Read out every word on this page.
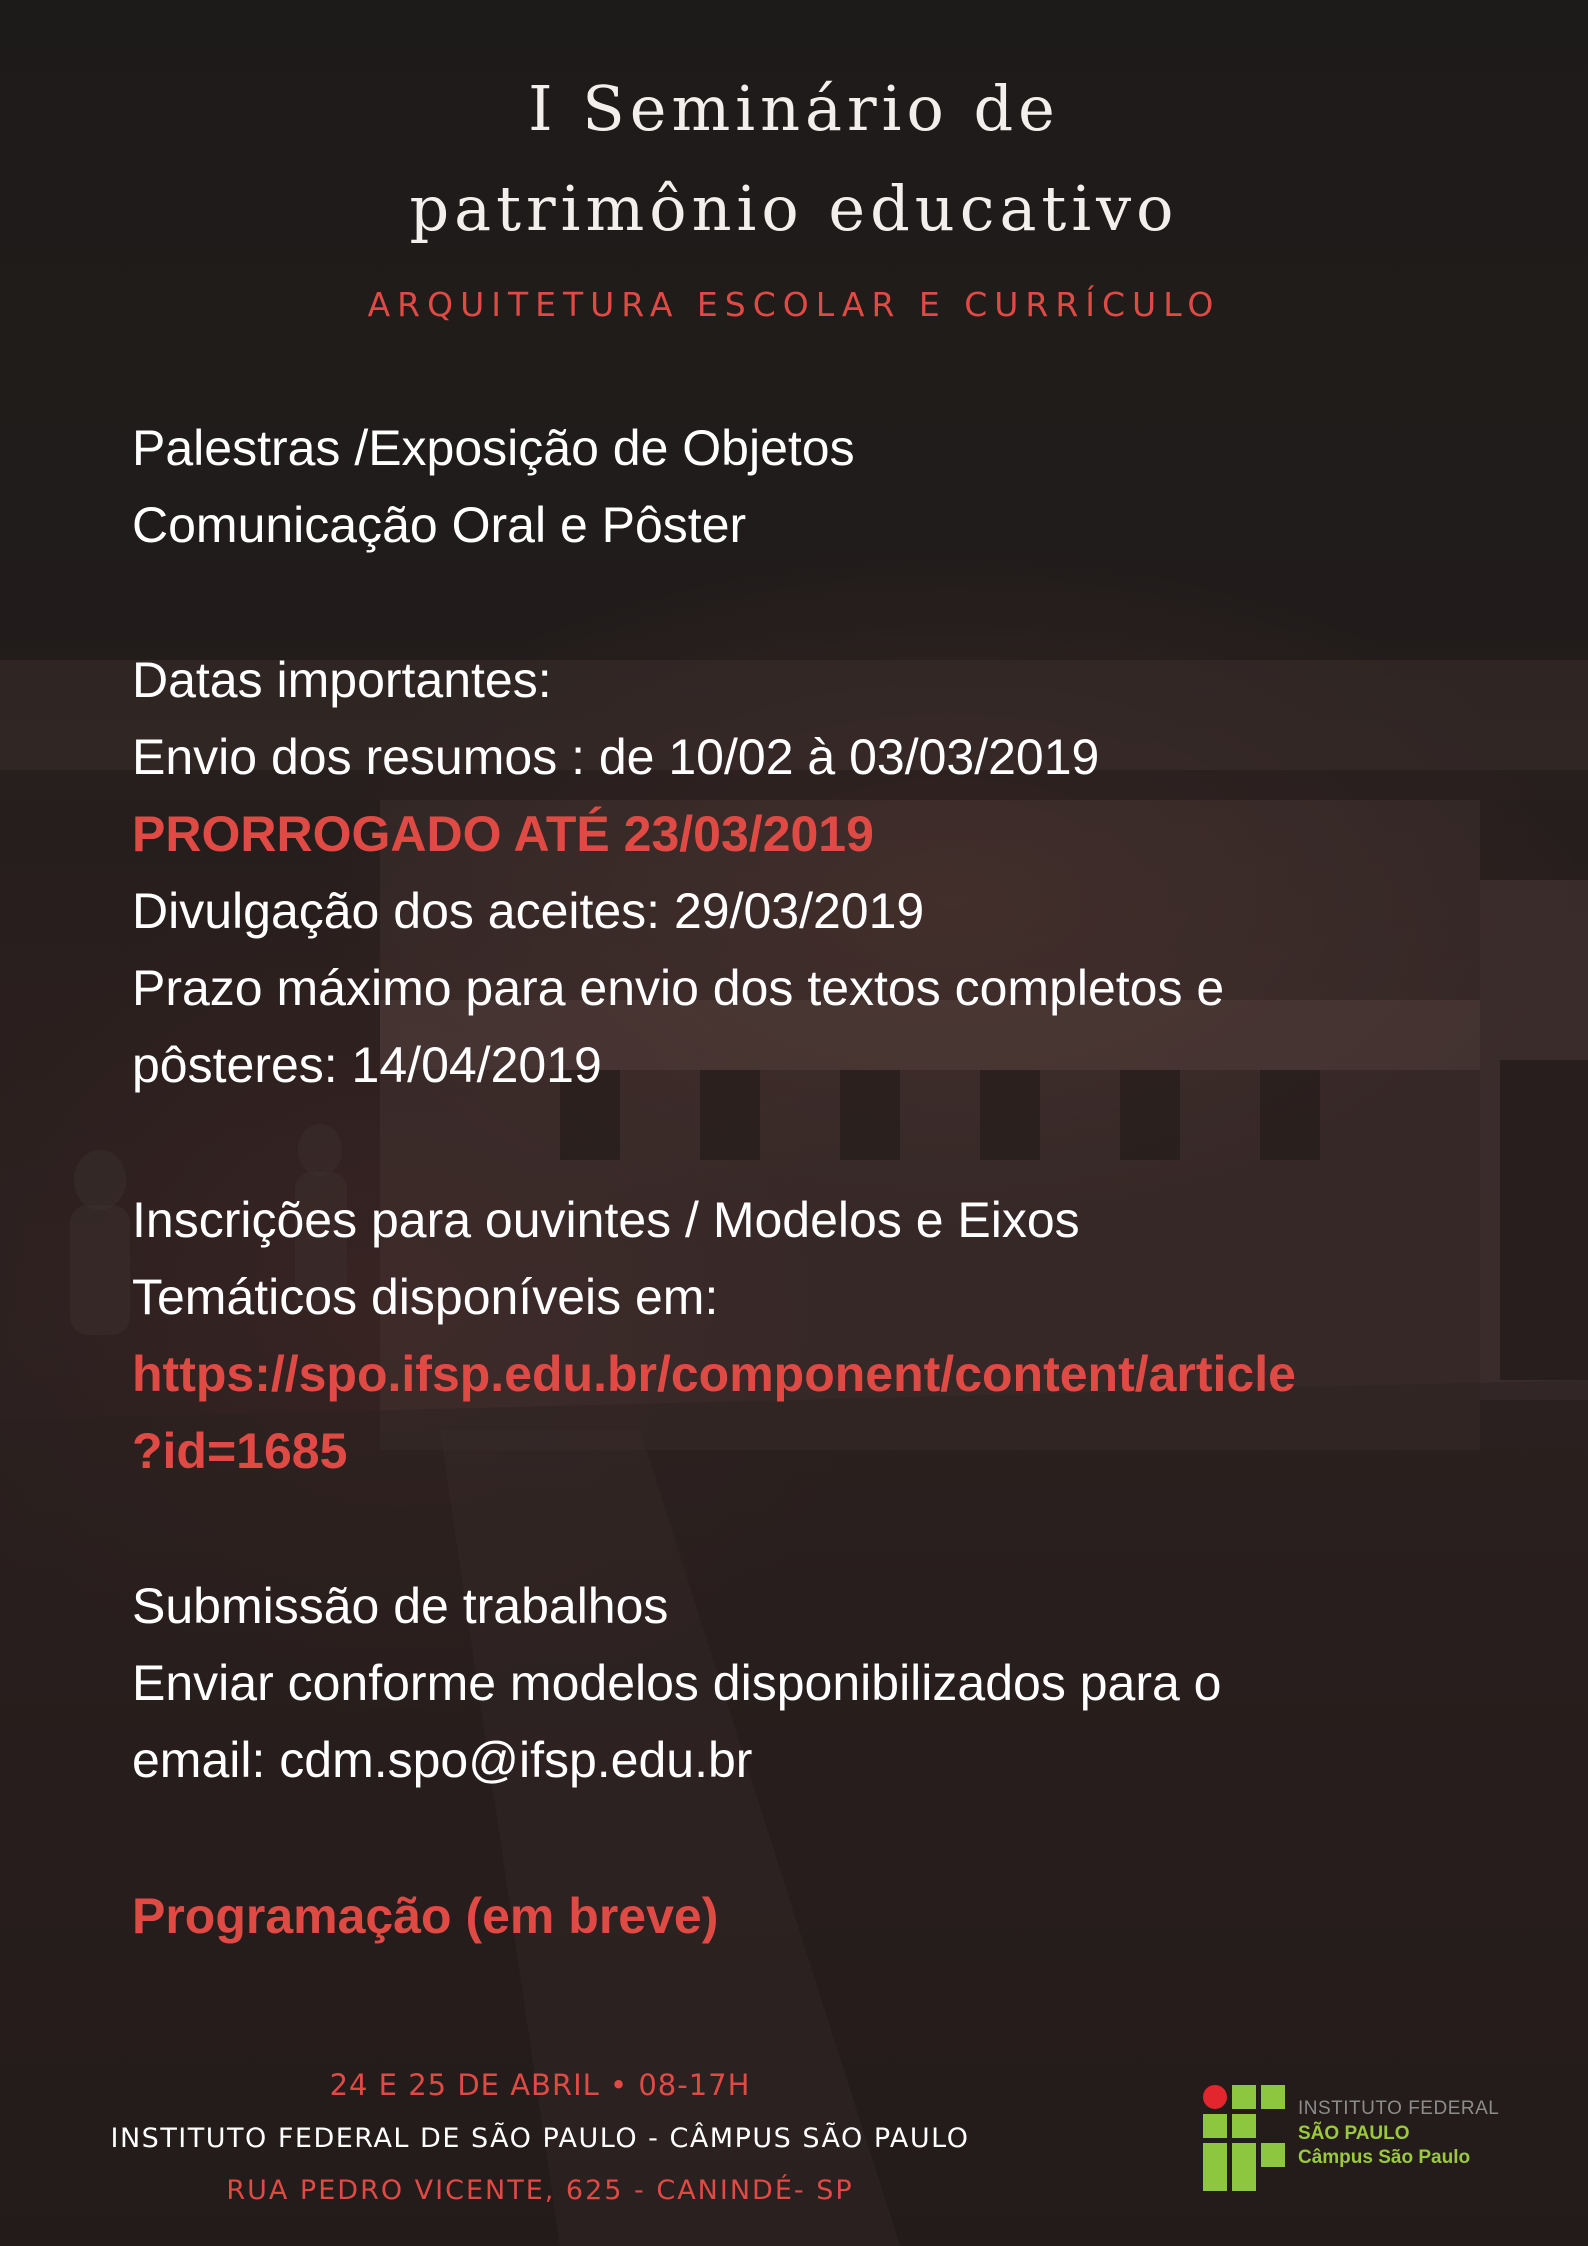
I Seminário de
patrimônio educativo
ARQUITETURA ESCOLAR E CURRÍCULO
Palestras /Exposição de Objetos
Comunicação Oral e Pôster
Datas importantes:
Envio dos resumos : de 10/02 à 03/03/2019
PRORROGADO ATÉ 23/03/2019
Divulgação dos aceites: 29/03/2019
Prazo máximo para envio dos textos completos e
pôsteres: 14/04/2019
Inscrições para ouvintes / Modelos e Eixos
Temáticos disponíveis em:
https://spo.ifsp.edu.br/component/content/article
?id=1685
Submissão de trabalhos
Enviar conforme modelos disponibilizados para o
email: cdm.spo@ifsp.edu.br
Programação (em breve)
24 E 25 DE ABRIL • 08-17H
INSTITUTO FEDERAL DE SÃO PAULO - CÂMPUS SÃO PAULO
RUA PEDRO VICENTE, 625 - CANINDÉ- SP
INSTITUTO FEDERAL
SÃO PAULO
Câmpus São Paulo
